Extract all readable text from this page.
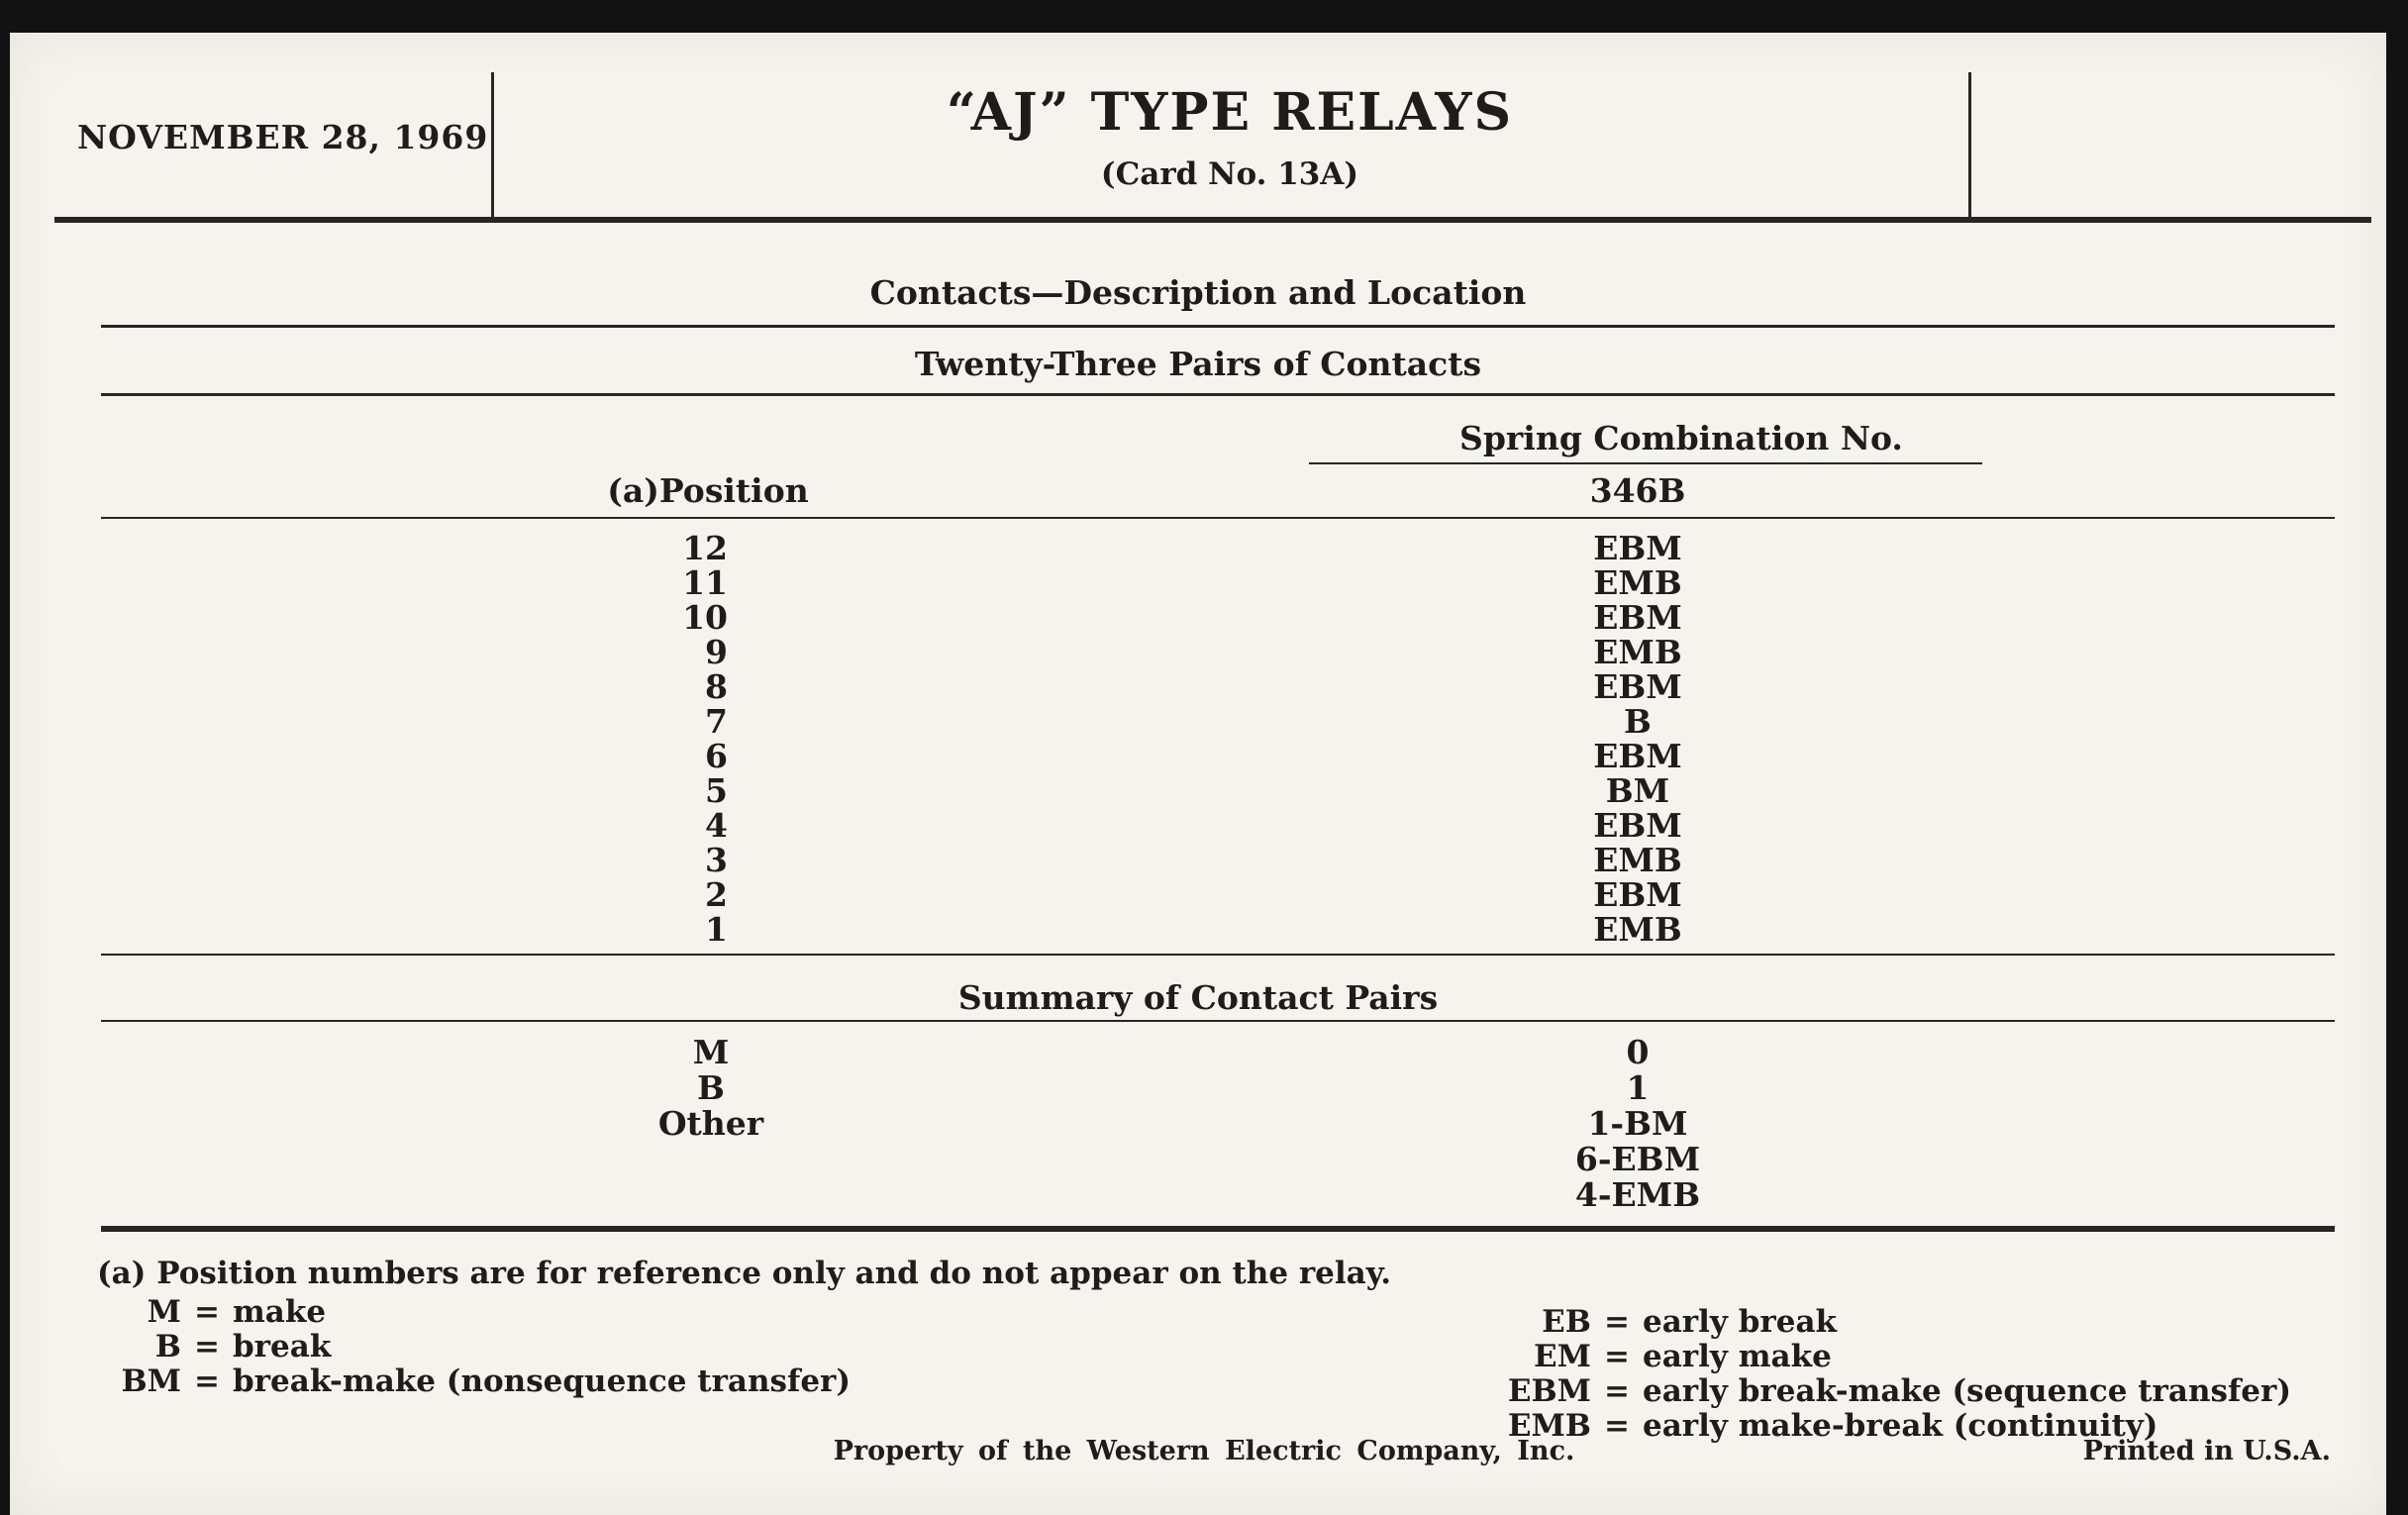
NOVEMBER 28, 1969	“AJ” TYPE RELAYS
(Card No. 13A)
Contacts—Description and Location
Twenty-Three Pairs of Contacts
Spring Combination No.
(a)Position	346B
12	EBM
11	EMB
10	EBM
9	EMB
8	EBM
7	B
6	EBM
5	BM
4	EBM
3	EMB
2	EBM
1	EMB
Summary of Contact Pairs
M	0
B	1
Other	1-BM
6-EBM
4-EMB
(a) Position numbers are for reference only and do not appear on the relay.
M = make
B = break
BM = break-make (nonsequence transfer)
EB = early break
EM = early make
EBM = early break-make (sequence transfer)
EMB = early make-break (continuity)
Property of the Western Electric Company, Inc.	Printed in U.S.A.
